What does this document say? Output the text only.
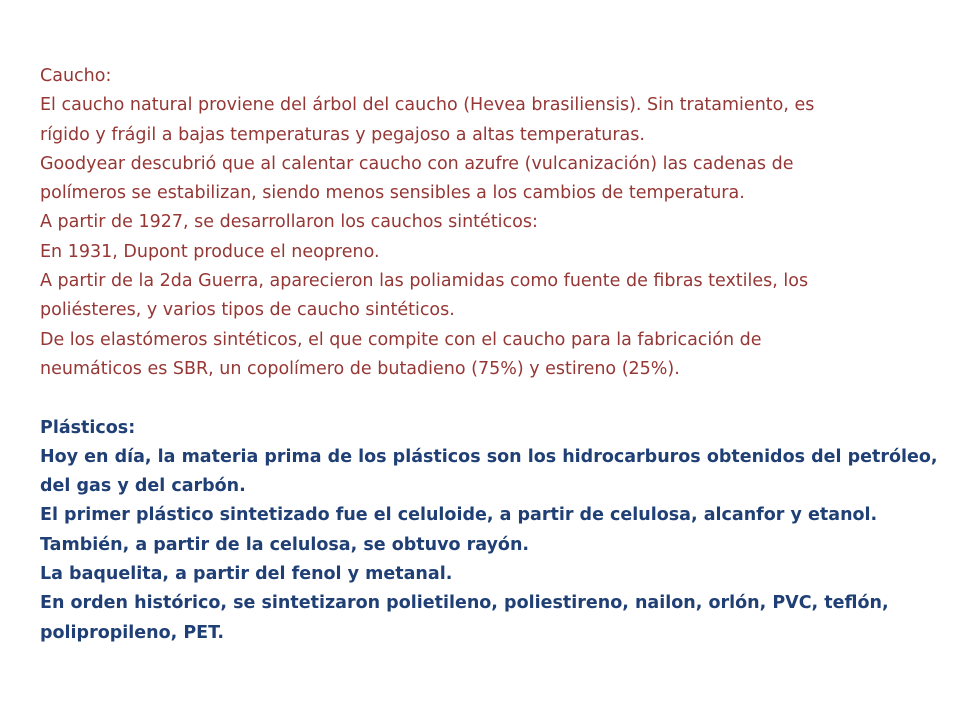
Caucho:
El caucho natural proviene del árbol del caucho (Hevea brasiliensis). Sin tratamiento, es
rígido y frágil a bajas temperaturas y pegajoso a altas temperaturas.
Goodyear descubrió que al calentar caucho con azufre (vulcanización) las cadenas de
polímeros se estabilizan, siendo menos sensibles a los cambios de temperatura.
A partir de 1927, se desarrollaron los cauchos sintéticos:
En 1931, Dupont produce el neopreno.
A partir de la 2da Guerra, aparecieron las poliamidas como fuente de fibras textiles, los
poliésteres, y varios tipos de caucho sintéticos.
De los elastómeros sintéticos, el que compite con el caucho para la fabricación de
neumáticos es SBR, un copolímero de butadieno (75%) y estireno (25%).
Plásticos:
Hoy en día, la materia prima de los plásticos son los hidrocarburos obtenidos del petróleo,
del gas y del carbón.
El primer plástico sintetizado fue el celuloide, a partir de celulosa, alcanfor y etanol.
También, a partir de la celulosa, se obtuvo rayón.
La baquelita, a partir del fenol y metanal.
En orden histórico, se sintetizaron polietileno, poliestireno, nailon, orlón, PVC, teflón,
polipropileno, PET.
